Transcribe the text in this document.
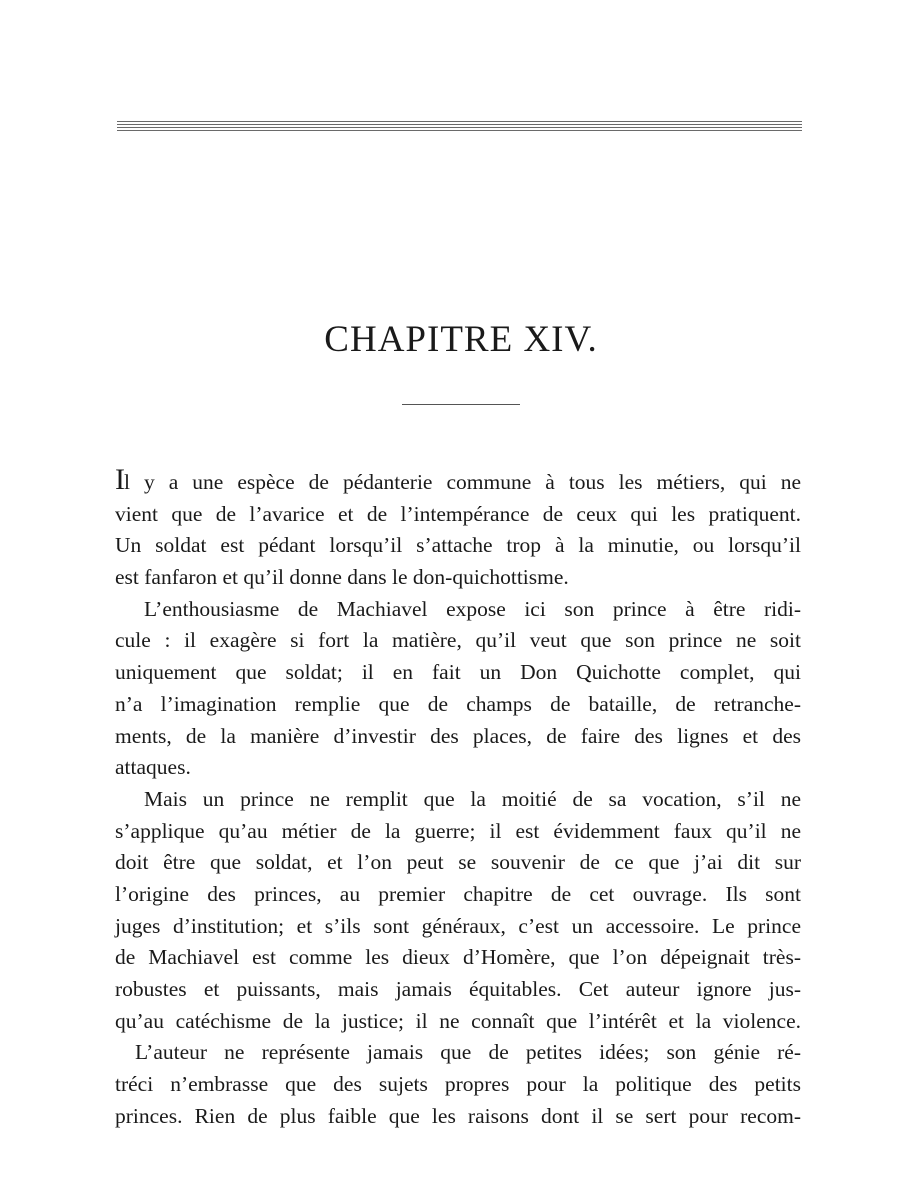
CHAPITRE XIV.
Il y a une espèce de pédanterie commune à tous les métiers, qui ne
vient que de l’avarice et de l’intempérance de ceux qui les pratiquent.
Un soldat est pédant lorsqu’il s’attache trop à la minutie, ou lorsqu’il
est fanfaron et qu’il donne dans le don-quichottisme.
L’enthousiasme de Machiavel expose ici son prince à être ridi-
cule : il exagère si fort la matière, qu’il veut que son prince ne soit
uniquement que soldat; il en fait un Don Quichotte complet, qui
n’a l’imagination remplie que de champs de bataille, de retranche-
ments, de la manière d’investir des places, de faire des lignes et des
attaques.
Mais un prince ne remplit que la moitié de sa vocation, s’il ne
s’applique qu’au métier de la guerre; il est évidemment faux qu’il ne
doit être que soldat, et l’on peut se souvenir de ce que j’ai dit sur
l’origine des princes, au premier chapitre de cet ouvrage. Ils sont
juges d’institution; et s’ils sont généraux, c’est un accessoire. Le prince
de Machiavel est comme les dieux d’Homère, que l’on dépeignait très-
robustes et puissants, mais jamais équitables. Cet auteur ignore jus-
qu’au catéchisme de la justice; il ne connaît que l’intérêt et la violence.
L’auteur ne représente jamais que de petites idées; son génie ré-
tréci n’embrasse que des sujets propres pour la politique des petits
princes. Rien de plus faible que les raisons dont il se sert pour recom-
